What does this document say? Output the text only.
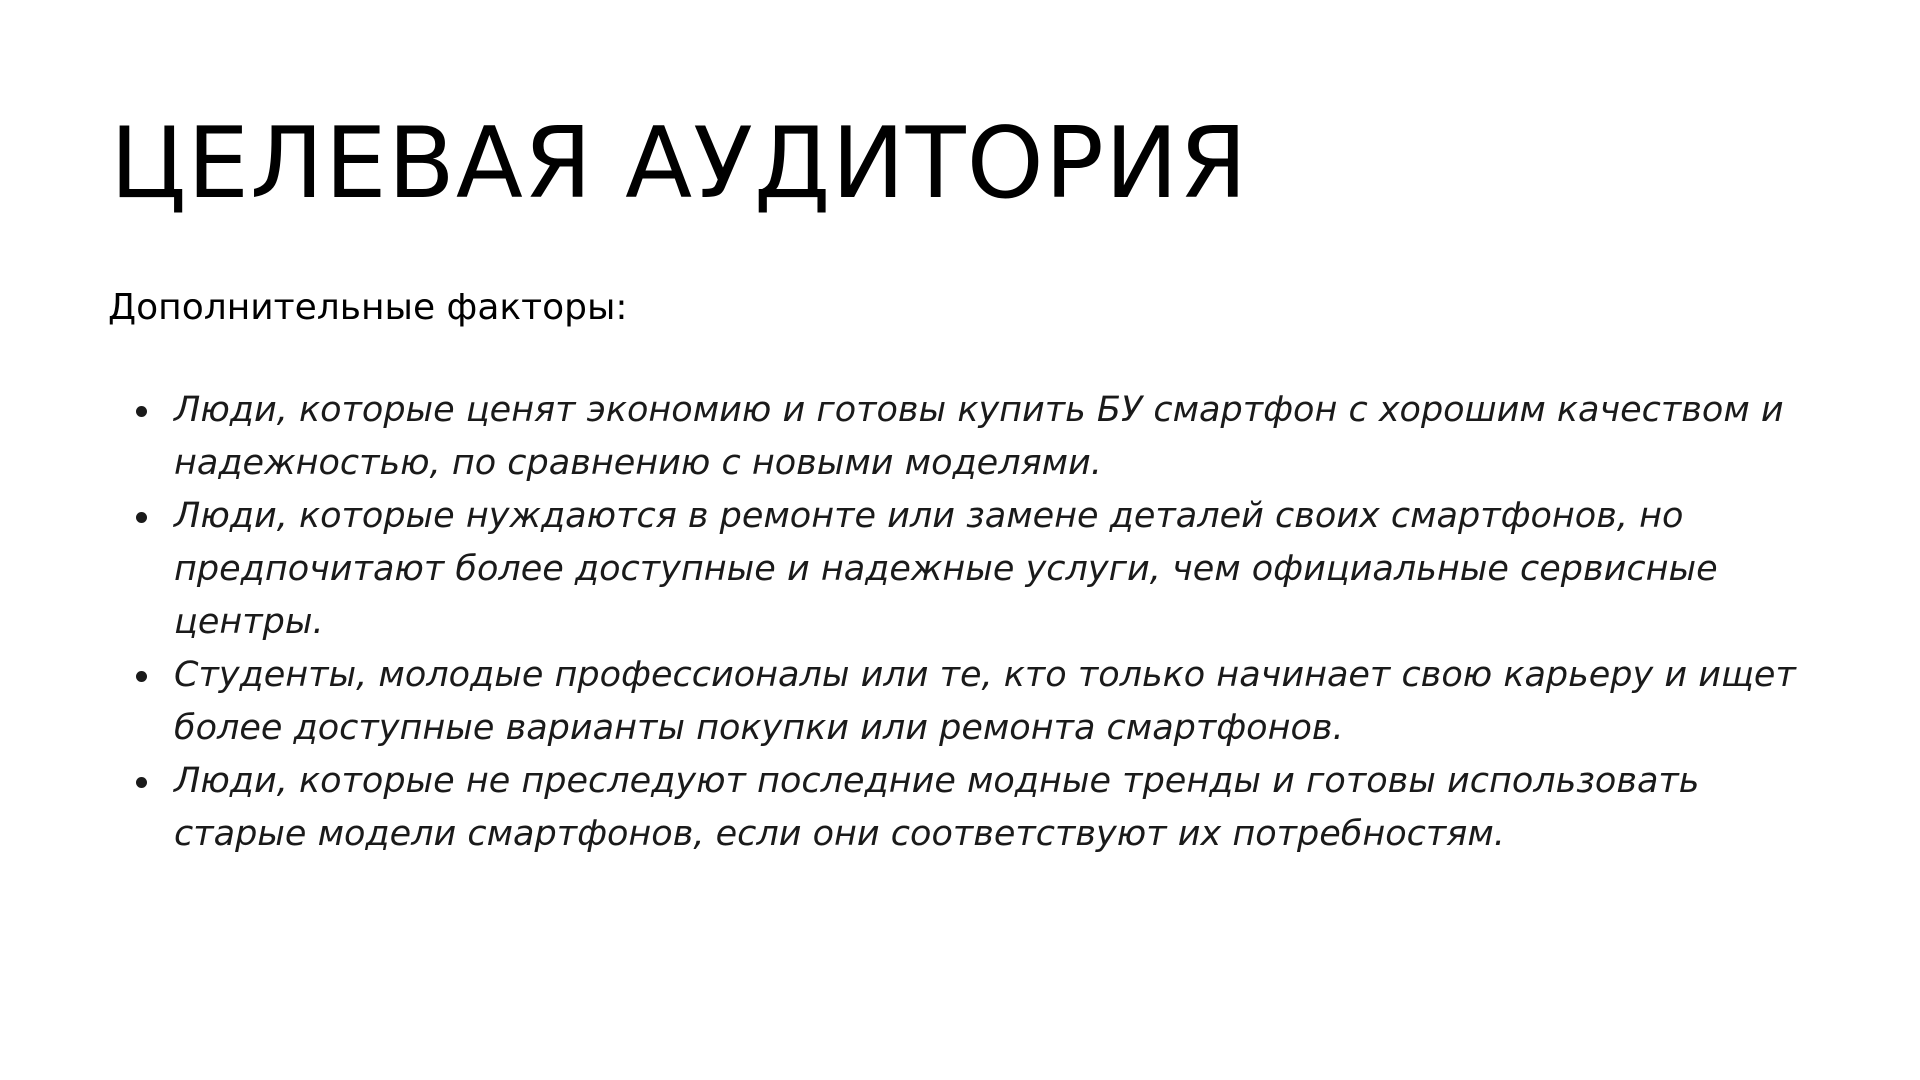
ЦЕЛЕВАЯ АУДИТОРИЯ

Дополнительные факторы:

Люди, которые ценят экономию и готовы купить БУ смартфон с хорошим качеством и надежностью, по сравнению с новыми моделями.
Люди, которые нуждаются в ремонте или замене деталей своих смартфонов, но предпочитают более доступные и надежные услуги, чем официальные сервисные центры.
Студенты, молодые профессионалы или те, кто только начинает свою карьеру и ищет более доступные варианты покупки или ремонта смартфонов.
Люди, которые не преследуют последние модные тренды и готовы использовать старые модели смартфонов, если они соответствуют их потребностям.
